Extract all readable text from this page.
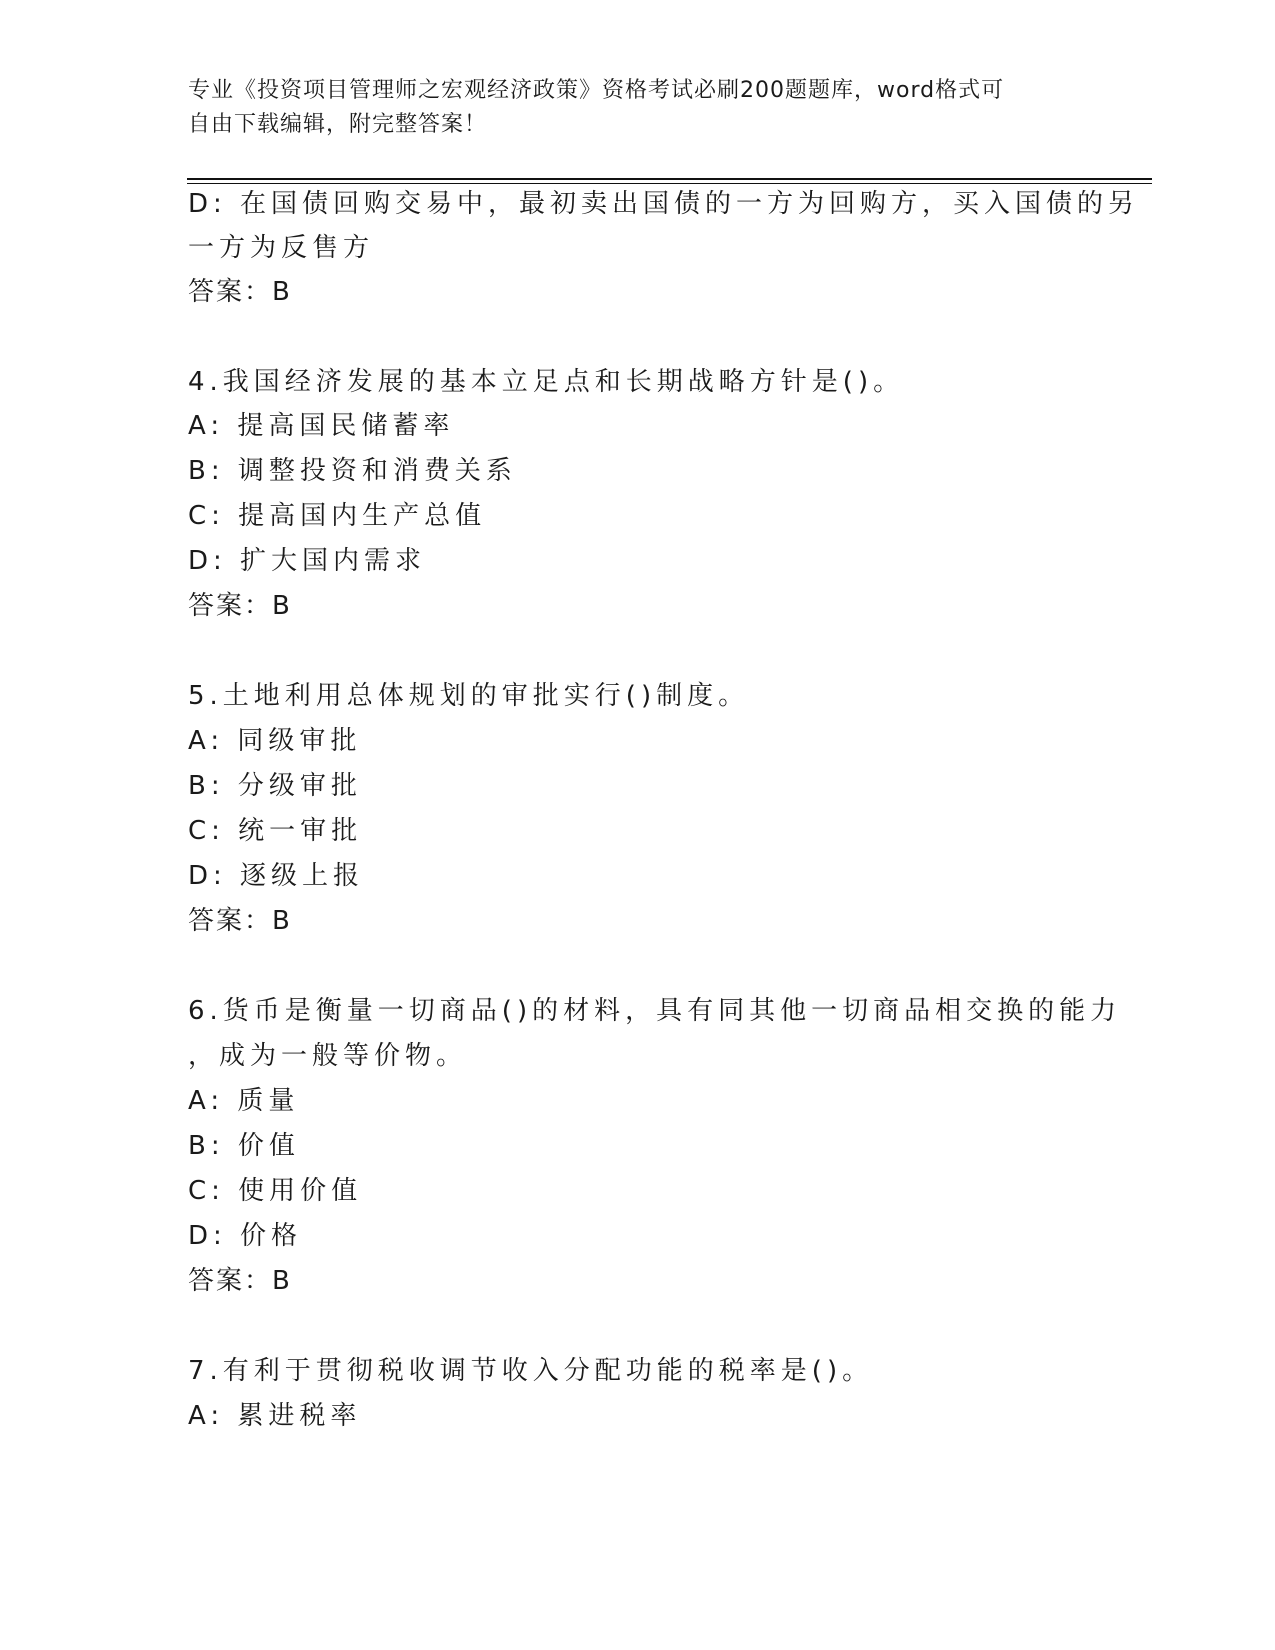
专业《投资项目管理师之宏观经济政策》资格考试必刷200题题库，word格式可
自由下载编辑，附完整答案！
D: 在国债回购交易中，最初卖出国债的一方为回购方，买入国债的另
一方为反售方
答案：B
4.我国经济发展的基本立足点和长期战略方针是()。
A: 提高国民储蓄率
B: 调整投资和消费关系
C: 提高国内生产总值
D: 扩大国内需求
答案：B
5.土地利用总体规划的审批实行()制度。
A: 同级审批
B: 分级审批
C: 统一审批
D: 逐级上报
答案：B
6.货币是衡量一切商品()的材料，具有同其他一切商品相交换的能力
，成为一般等价物。
A: 质量
B: 价值
C: 使用价值
D: 价格
答案：B
7.有利于贯彻税收调节收入分配功能的税率是()。
A: 累进税率
